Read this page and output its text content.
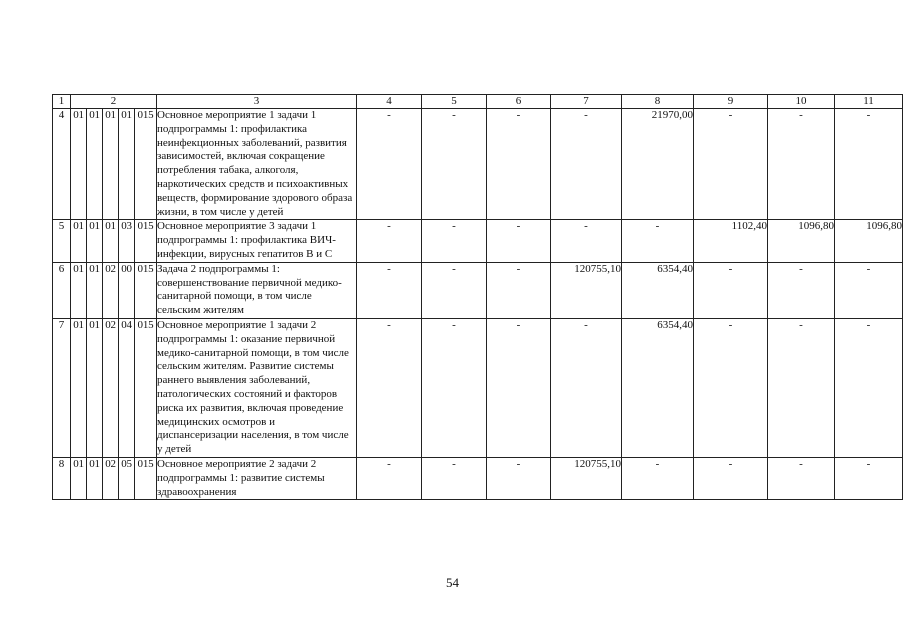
1	2					3	4	5	6	7	8	9	10	11
4	01	01	01	01	015	Основное мероприятие 1 задачи 1 подпрограммы 1: профилактика неинфекционных заболеваний, развития зависимостей, включая сокращение потребления табака, алкоголя, наркотических средств и психоактивных веществ, формирование здорового образа жизни, в том числе у детей	-	-	-	-	21970,00	-	-	-
5	01	01	01	03	015	Основное мероприятие 3 задачи 1 подпрограммы 1: профилактика ВИЧ-инфекции, вирусных гепатитов В и С	-	-	-	-	-	1102,40	1096,80	1096,80
6	01	01	02	00	015	Задача 2 подпрограммы 1: совершенствование первичной медико-санитарной помощи, в том числе сельским жителям	-	-	-	120755,10	6354,40	-	-	-
7	01	01	02	04	015	Основное мероприятие 1 задачи 2 подпрограммы 1: оказание первичной медико-санитарной помощи, в том числе сельским жителям. Развитие системы раннего выявления заболеваний, патологических состояний и факторов риска их развития, включая проведение медицинских осмотров и диспансеризации населения, в том числе у детей	-	-	-	-	6354,40	-	-	-
8	01	01	02	05	015	Основное мероприятие 2 задачи 2 подпрограммы 1: развитие системы здравоохранения	-	-	-	120755,10	-	-	-	-
54
